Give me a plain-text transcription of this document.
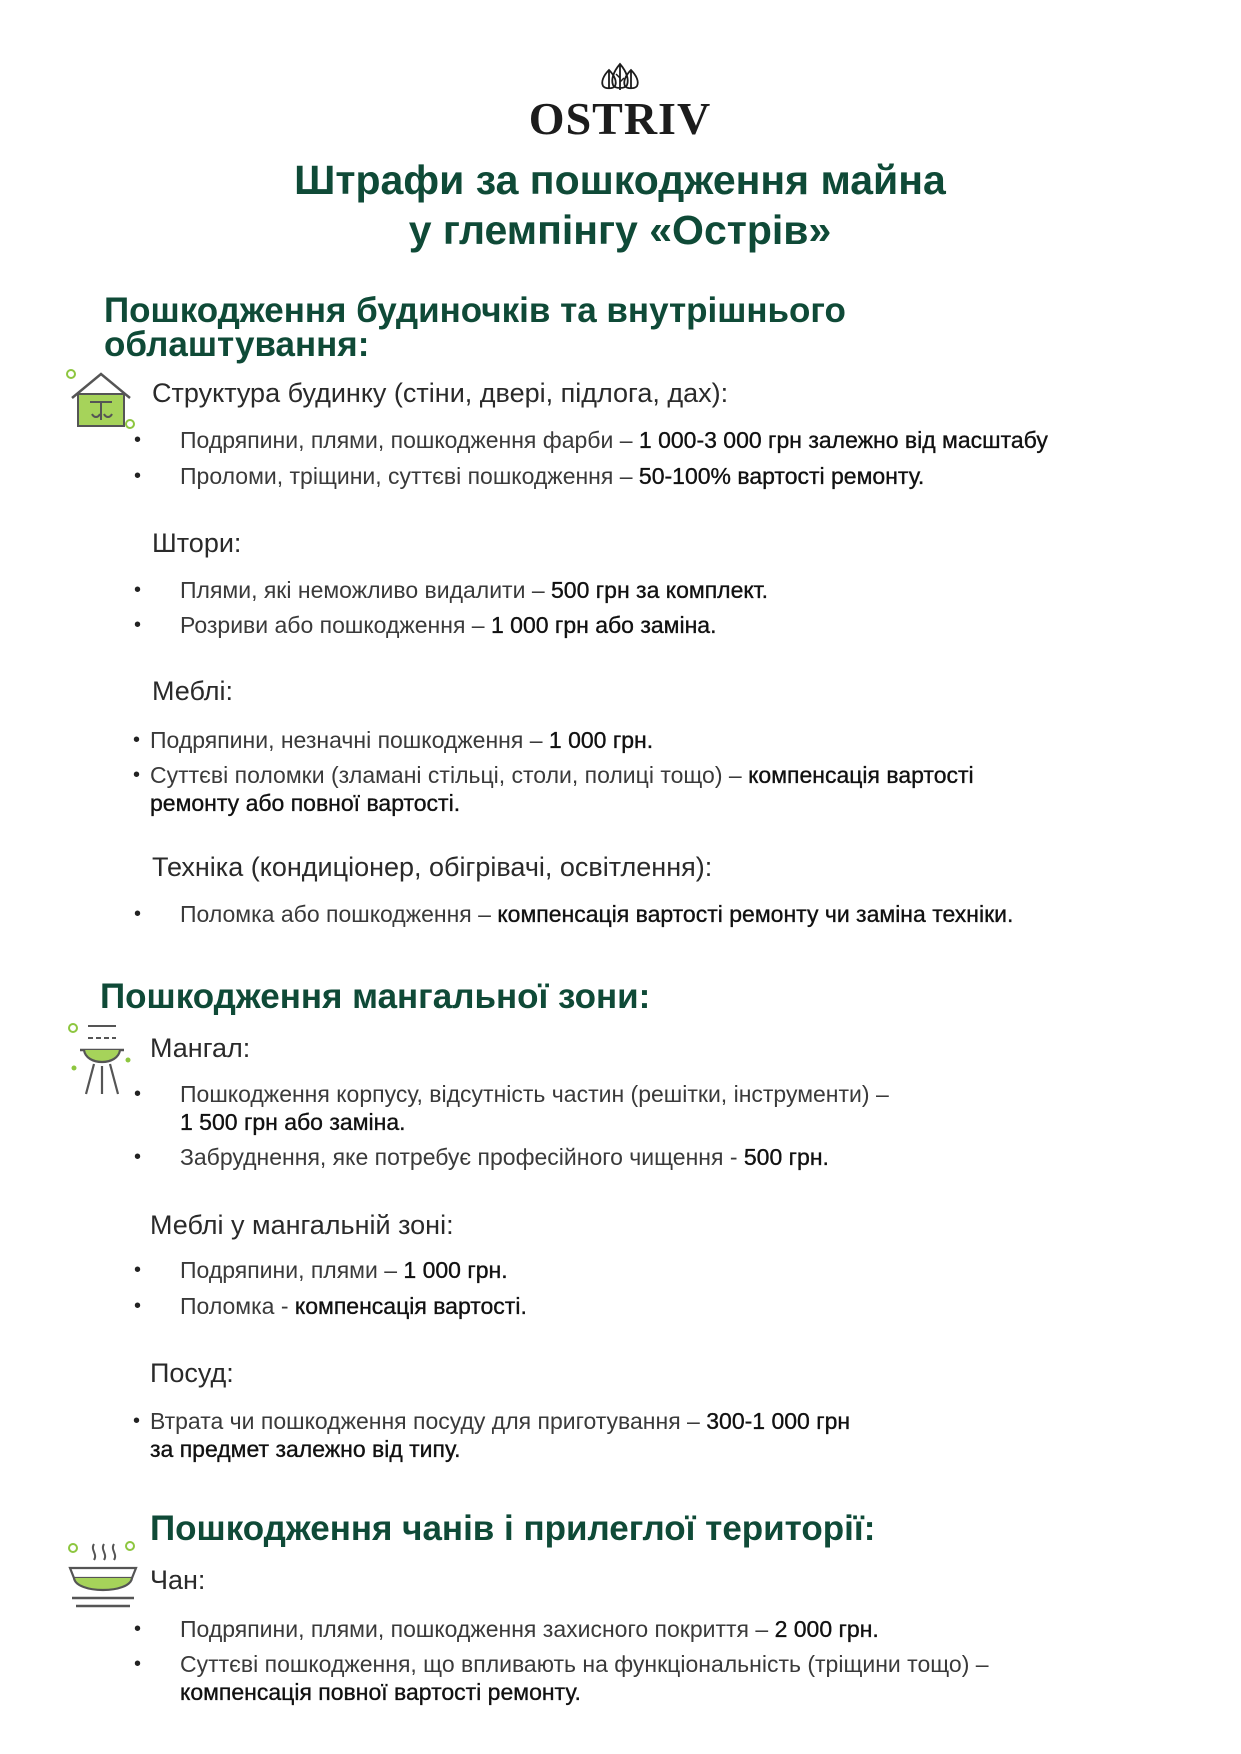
OSTRIV
Штрафи за пошкодження майна
у глемпінгу «Острів»
Пошкодження будиночків та внутрішнього
облаштування:
Структура будинку (стіни, двері, підлога, дах):
• Подряпини, плями, пошкодження фарби – 1 000-3 000 грн залежно від масштабу
• Проломи, тріщини, суттєві пошкодження – 50-100% вартості ремонту.
Штори:
• Плями, які неможливо видалити – 500 грн за комплект.
• Розриви або пошкодження – 1 000 грн або заміна.
Меблі:
• Подряпини, незначні пошкодження – 1 000 грн.
• Суттєві поломки (зламані стільці, столи, полиці тощо) – компенсація вартості
ремонту або повної вартості.
Техніка (кондиціонер, обігрівачі, освітлення):
• Поломка або пошкодження – компенсація вартості ремонту чи заміна техніки.
Пошкодження мангальної зони:
Мангал:
• Пошкодження корпусу, відсутність частин (решітки, інструменти) –
1 500 грн або заміна.
• Забруднення, яке потребує професійного чищення - 500 грн.
Меблі у мангальній зоні:
• Подряпини, плями – 1 000 грн.
• Поломка - компенсація вартості.
Посуд:
• Втрата чи пошкодження посуду для приготування – 300-1 000 грн
за предмет залежно від типу.
Пошкодження чанів і прилеглої території:
Чан:
• Подряпини, плями, пошкодження захисного покриття – 2 000 грн.
• Суттєві пошкодження, що впливають на функціональність (тріщини тощо) –
компенсація повної вартості ремонту.
